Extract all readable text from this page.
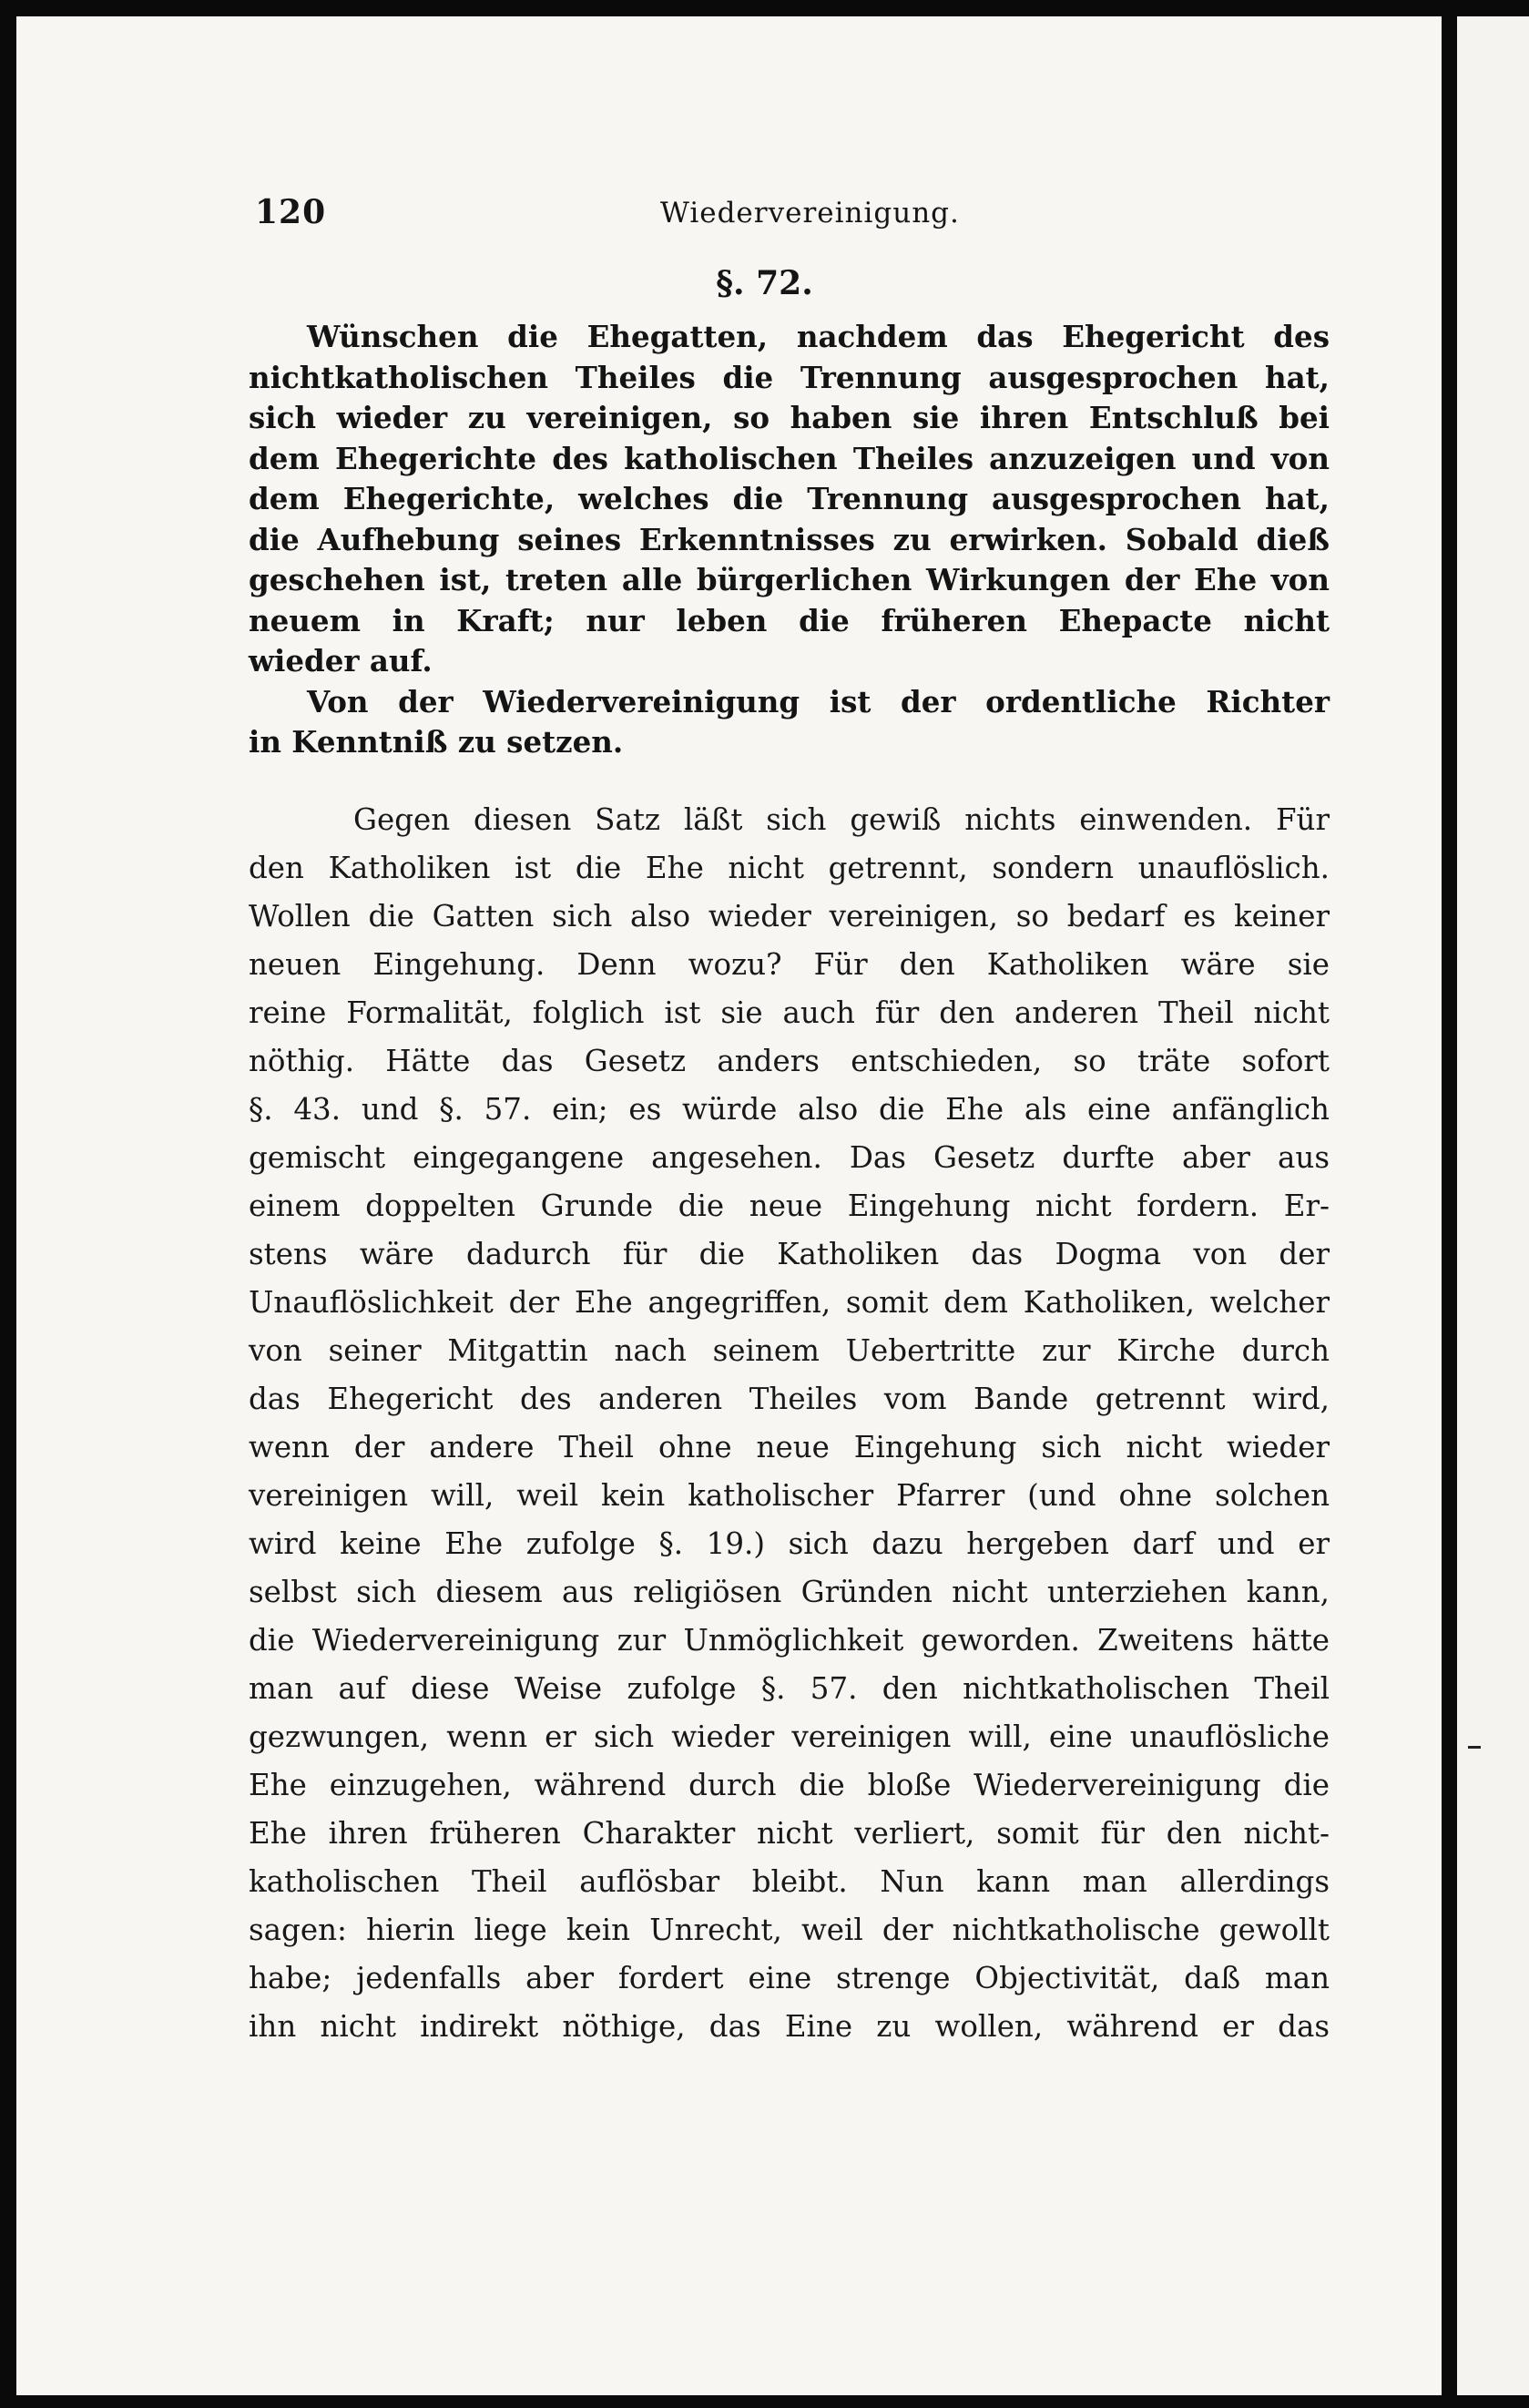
120	Wiedervereinigung.
§. 72.
Wünschen die Ehegatten, nachdem das Ehegericht des
nichtkatholischen Theiles die Trennung ausgesprochen hat,
sich wieder zu vereinigen, so haben sie ihren Entschluß bei
dem Ehegerichte des katholischen Theiles anzuzeigen und von
dem Ehegerichte, welches die Trennung ausgesprochen hat,
die Aufhebung seines Erkenntnisses zu erwirken. Sobald dieß
geschehen ist, treten alle bürgerlichen Wirkungen der Ehe von
neuem in Kraft; nur leben die früheren Ehepacte nicht
wieder auf.
Von der Wiedervereinigung ist der ordentliche Richter
in Kenntniß zu setzen.
Gegen diesen Satz läßt sich gewiß nichts einwenden. Für
den Katholiken ist die Ehe nicht getrennt, sondern unauflöslich.
Wollen die Gatten sich also wieder vereinigen, so bedarf es keiner
neuen Eingehung. Denn wozu? Für den Katholiken wäre sie
reine Formalität, folglich ist sie auch für den anderen Theil nicht
nöthig. Hätte das Gesetz anders entschieden, so träte sofort
§. 43. und §. 57. ein; es würde also die Ehe als eine anfänglich
gemischt eingegangene angesehen. Das Gesetz durfte aber aus
einem doppelten Grunde die neue Eingehung nicht fordern. Er-
stens wäre dadurch für die Katholiken das Dogma von der
Unauflöslichkeit der Ehe angegriffen, somit dem Katholiken, welcher
von seiner Mitgattin nach seinem Uebertritte zur Kirche durch
das Ehegericht des anderen Theiles vom Bande getrennt wird,
wenn der andere Theil ohne neue Eingehung sich nicht wieder
vereinigen will, weil kein katholischer Pfarrer (und ohne solchen
wird keine Ehe zufolge §. 19.) sich dazu hergeben darf und er
selbst sich diesem aus religiösen Gründen nicht unterziehen kann,
die Wiedervereinigung zur Unmöglichkeit geworden. Zweitens hätte
man auf diese Weise zufolge §. 57. den nichtkatholischen Theil
gezwungen, wenn er sich wieder vereinigen will, eine unauflösliche
Ehe einzugehen, während durch die bloße Wiedervereinigung die
Ehe ihren früheren Charakter nicht verliert, somit für den nicht-
katholischen Theil auflösbar bleibt. Nun kann man allerdings
sagen: hierin liege kein Unrecht, weil der nichtkatholische gewollt
habe; jedenfalls aber fordert eine strenge Objectivität, daß man
ihn nicht indirekt nöthige, das Eine zu wollen, während er das
